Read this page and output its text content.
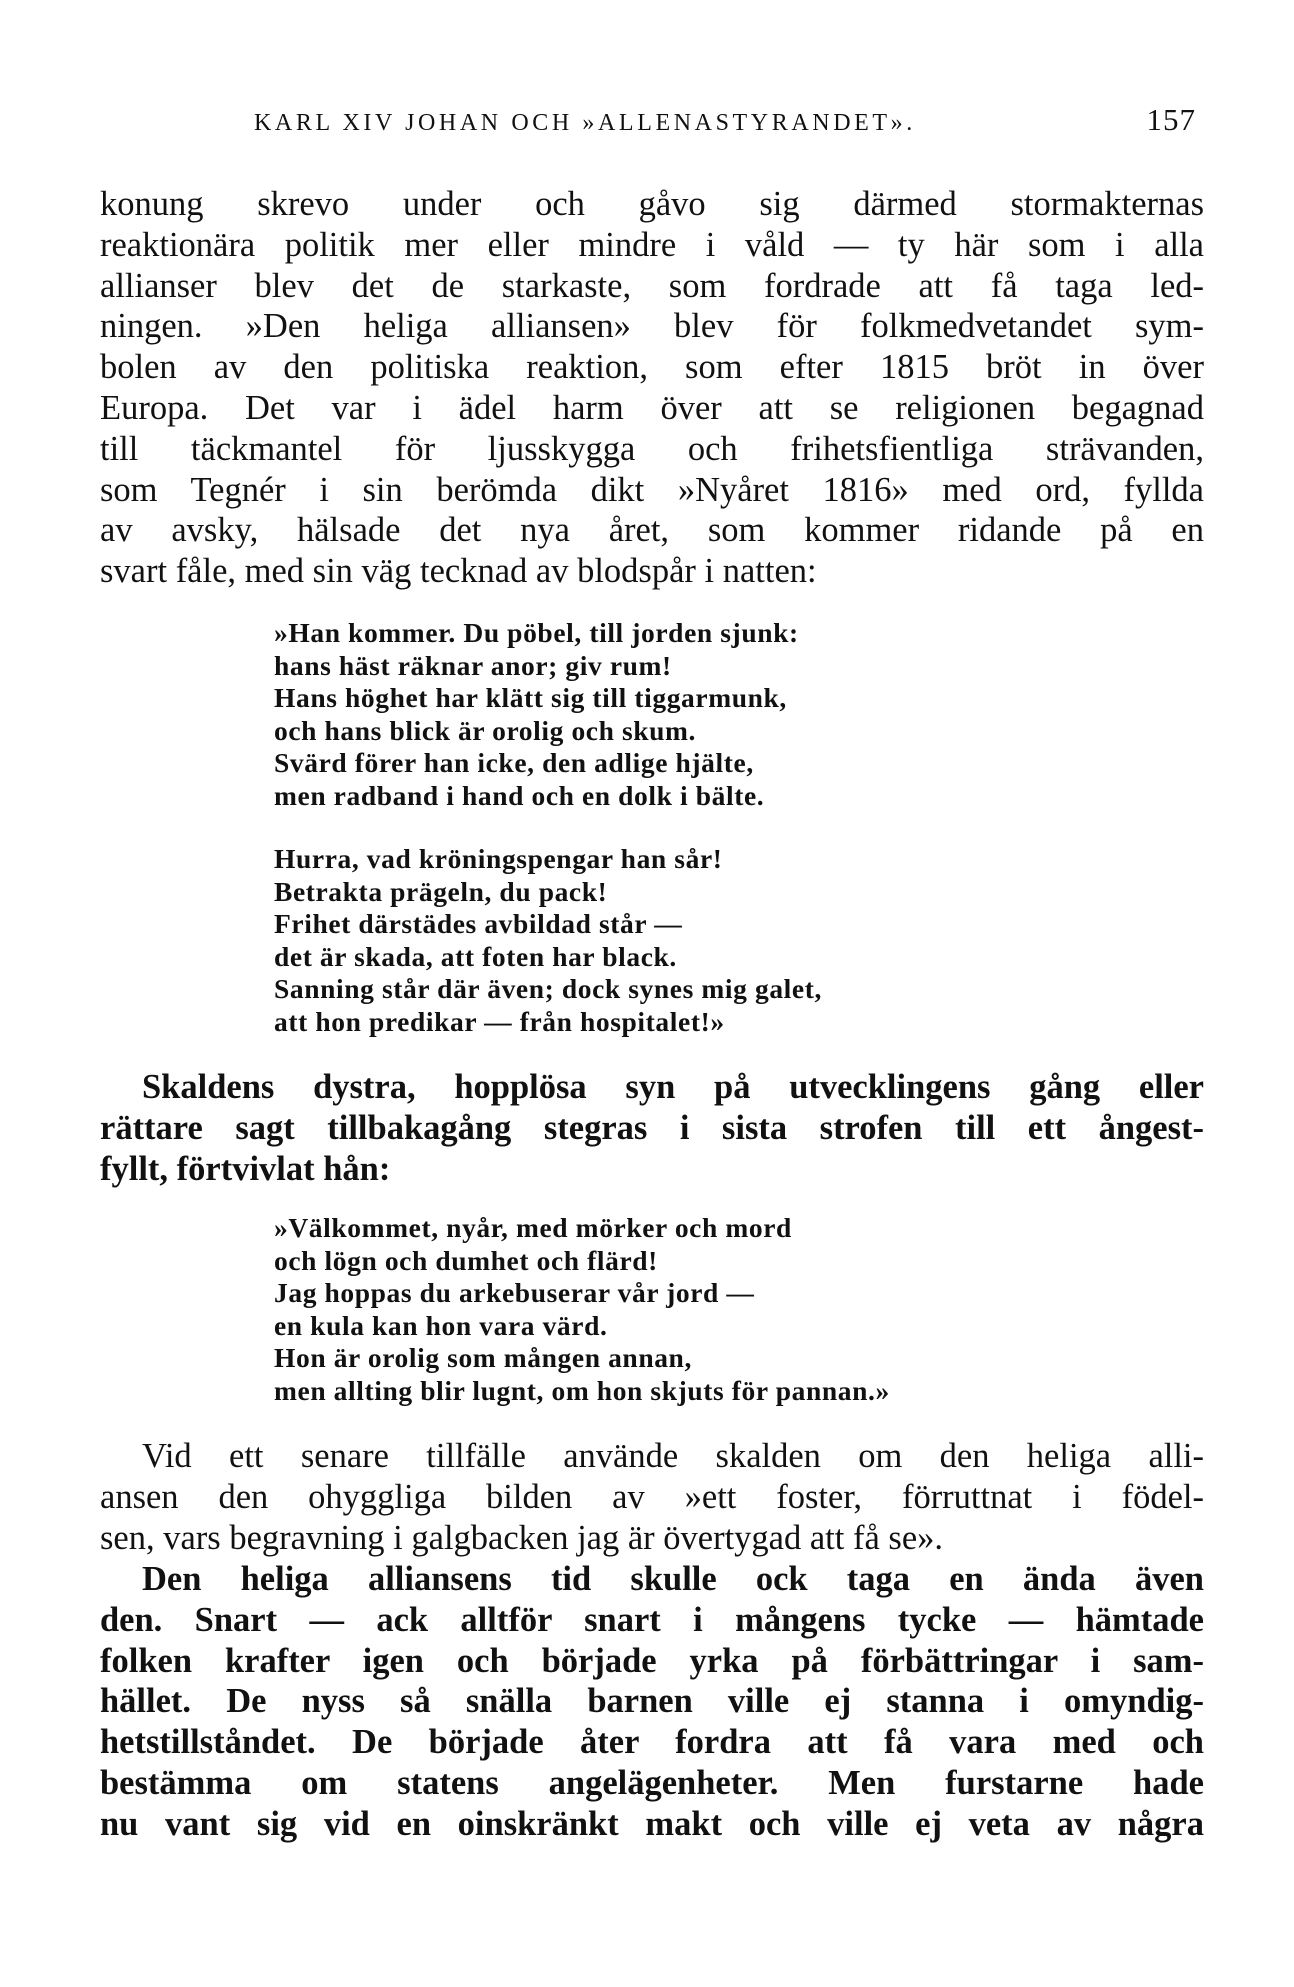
KARL XIV JOHAN OCH »ALLENASTYRANDET».	157

konung skrevo under och gåvo sig därmed stormakternas
reaktionära politik mer eller mindre i våld — ty här som i alla
allianser blev det de starkaste, som fordrade att få taga led-
ningen. »Den heliga alliansen» blev för folkmedvetandet sym-
bolen av den politiska reaktion, som efter 1815 bröt in över
Europa. Det var i ädel harm över att se religionen begagnad
till täckmantel för ljusskygga och frihetsfientliga strävanden,
som Tegnér i sin berömda dikt »Nyåret 1816» med ord, fyllda
av avsky, hälsade det nya året, som kommer ridande på en
svart fåle, med sin väg tecknad av blodspår i natten:

»Han kommer. Du pöbel, till jorden sjunk:
hans häst räknar anor; giv rum!
Hans höghet har klätt sig till tiggarmunk,
och hans blick är orolig och skum.
Svärd förer han icke, den adlige hjälte,
men radband i hand och en dolk i bälte.
Hurra, vad kröningspengar han sår!
Betrakta prägeln, du pack!
Frihet därstädes avbildad står —
det är skada, att foten har black.
Sanning står där även; dock synes mig galet,
att hon predikar — från hospitalet!»

Skaldens dystra, hopplösa syn på utvecklingens gång eller
rättare sagt tillbakagång stegras i sista strofen till ett ångest-
fyllt, förtvivlat hån:

»Välkommet, nyår, med mörker och mord
och lögn och dumhet och flärd!
Jag hoppas du arkebuserar vår jord —
en kula kan hon vara värd.
Hon är orolig som mången annan,
men allting blir lugnt, om hon skjuts för pannan.»

Vid ett senare tillfälle använde skalden om den heliga alli-
ansen den ohyggliga bilden av »ett foster, förruttnat i födel-
sen, vars begravning i galgbacken jag är övertygad att få se».

Den heliga alliansens tid skulle ock taga en ända även
den. Snart — ack alltför snart i mångens tycke — hämtade
folken krafter igen och började yrka på förbättringar i sam-
hället. De nyss så snälla barnen ville ej stanna i omyndig-
hetstillståndet. De började åter fordra att få vara med och
bestämma om statens angelägenheter. Men furstarne hade
nu vant sig vid en oinskränkt makt och ville ej veta av några
